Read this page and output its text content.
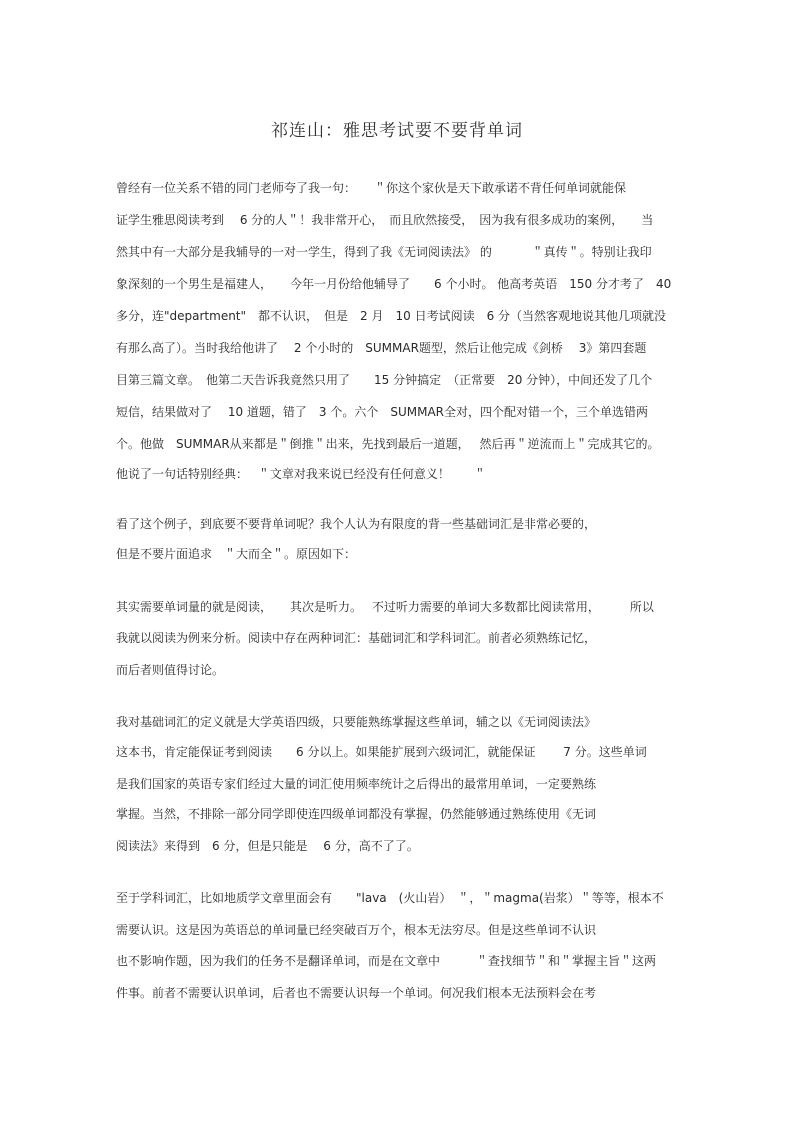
祁连山：雅思考试要不要背单词
曾经有一位关系不错的同门老师夸了我一句：　　＂你这个家伙是天下敢承诺不背任何单词就能保
证学生雅思阅读考到　 6 分的人＂！我非常开心，　而且欣然接受，　因为我有很多成功的案例，　　当
然其中有一大部分是我辅导的一对一学生，得到了我《无词阅读法》 的　　　 ＂真传＂。特别让我印
象深刻的一个男生是福建人，　　今年一月份给他辅导了　　6 个小时。 他高考英语　150 分才考了　40
多分，连"department"　都不认识，　但是　2 月　10 日考试阅读　6 分（当然客观地说其他几项就没
有那么高了）。当时我给他讲了　 2 个小时的　SUMMAR题型，然后让他完成《剑桥　 3》第四套题
目第三篇文章。　他第二天告诉我竟然只用了　　15 分钟搞定　（正常要　20 分钟），中间还发了几个
短信，结果做对了　 10 道题，错了　3 个。六个　SUMMAR全对，四个配对错一个，三个单选错两
个。他做　SUMMAR从来都是＂倒推＂出来，先找到最后一道题，　 然后再＂逆流而上＂完成其它的。
他说了一句话特别经典：　 ＂文章对我来说已经没有任何意义！　　＂
看了这个例子，到底要不要背单词呢？我个人认为有限度的背一些基础词汇是非常必要的，
但是不要片面追求　＂大而全＂。原因如下：
其实需要单词量的就是阅读，　　其次是听力。　 不过听力需要的单词大多数都比阅读常用，　　　所以
我就以阅读为例来分析。阅读中存在两种词汇：基础词汇和学科词汇。前者必须熟练记忆，
而后者则值得讨论。
我对基础词汇的定义就是大学英语四级，只要能熟练掌握这些单词，辅之以《无词阅读法》
这本书，肯定能保证考到阅读　　6 分以上。如果能扩展到六级词汇，就能保证　　 7 分。这些单词
是我们国家的英语专家们经过大量的词汇使用频率统计之后得出的最常用单词，一定要熟练
掌握。当然，不排除一部分同学即使连四级单词都没有掌握，仍然能够通过熟练使用《无词
阅读法》来得到　6 分，但是只能是　 6 分，高不了了。
至于学科词汇，比如地质学文章里面会有　　"lava　(火山岩）　＂，＂magma(岩浆）＂等等，根本不
需要认识。这是因为英语总的单词量已经突破百万个，根本无法穷尽。但是这些单词不认识
也不影响作题，因为我们的任务不是翻译单词，而是在文章中　　　＂查找细节＂和＂掌握主旨＂这两
件事。前者不需要认识单词，后者也不需要认识每一个单词。何况我们根本无法预料会在考
